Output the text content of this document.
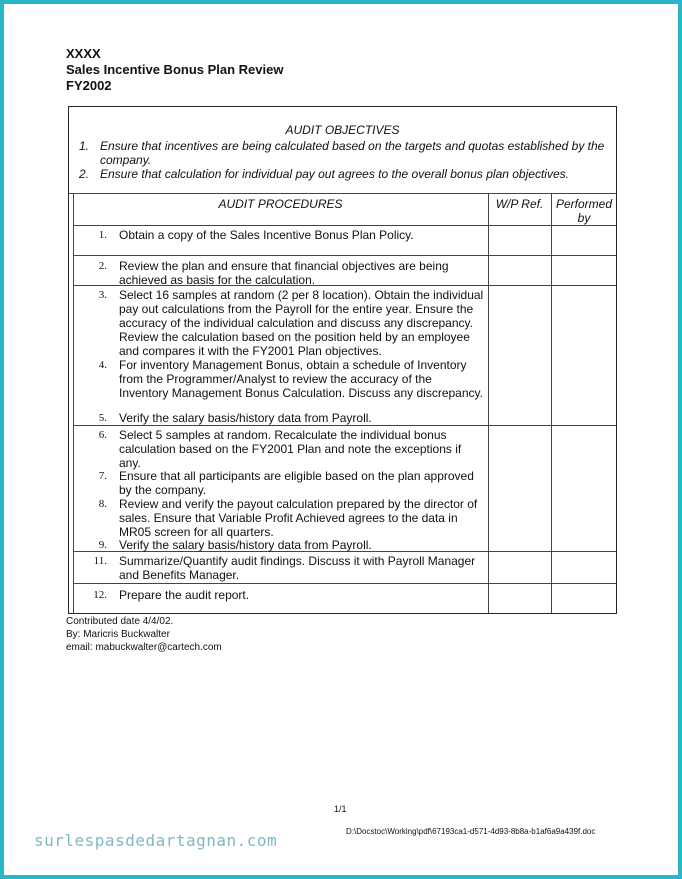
XXXX
Sales Incentive Bonus Plan Review
FY2002
AUDIT OBJECTIVES
1. Ensure that incentives are being calculated based on the targets and quotas established by the company.
2. Ensure that calculation for individual pay out agrees to the overall bonus plan objectives.
AUDIT PROCEDURES	W/P Ref.	Performed by
1. Obtain a copy of the Sales Incentive Bonus Plan Policy.
2. Review the plan and ensure that financial objectives are being achieved as basis for the calculation.
3. Select 16 samples at random (2 per 8 location). Obtain the individual pay out calculations from the Payroll for the entire year. Ensure the accuracy of the individual calculation and discuss any discrepancy. Review the calculation based on the position held by an employee and compares it with the FY2001 Plan objectives.
4. For inventory Management Bonus, obtain a schedule of Inventory from the Programmer/Analyst to review the accuracy of the Inventory Management Bonus Calculation. Discuss any discrepancy.
5. Verify the salary basis/history data from Payroll.
6. Select 5 samples at random. Recalculate the individual bonus calculation based on the FY2001 Plan and note the exceptions if any.
7. Ensure that all participants are eligible based on the plan approved by the company.
8. Review and verify the payout calculation prepared by the director of sales. Ensure that Variable Profit Achieved agrees to the data in MR05 screen for all quarters.
9. Verify the salary basis/history data from Payroll.
11. Summarize/Quantify audit findings. Discuss it with Payroll Manager and Benefits Manager.
12. Prepare the audit report.
Contributed date 4/4/02.
By: Maricris Buckwalter
email: mabuckwalter@cartech.com
1/1
D:\Docstoc\Working\pdf\67193ca1-d571-4d93-8b8a-b1af6a9a439f.doc
surlespasdedartagnan.com
